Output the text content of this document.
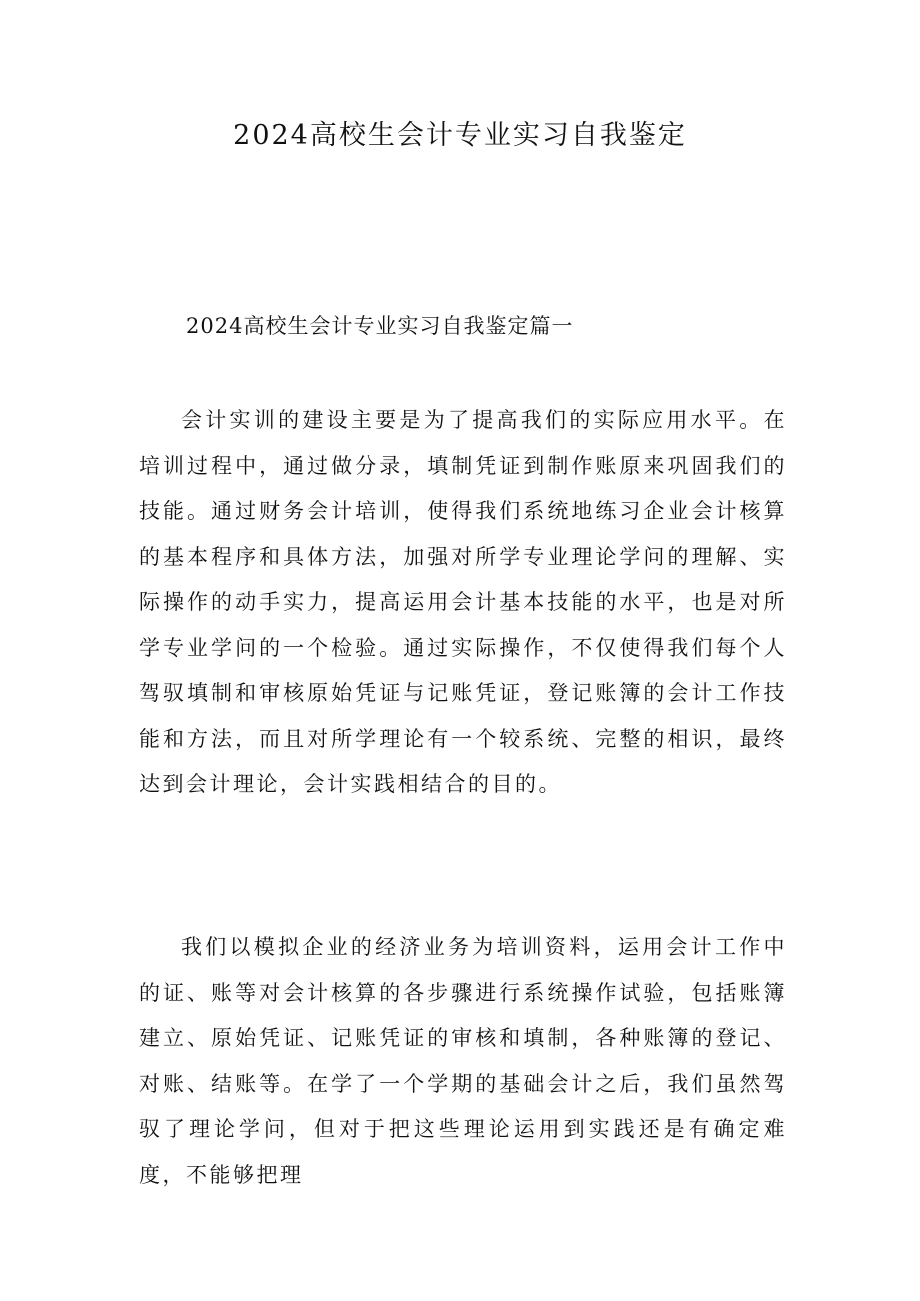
2024高校生会计专业实习自我鉴定
2024高校生会计专业实习自我鉴定篇一

会计实训的建设主要是为了提高我们的实际应用水平。在培训过程中，通过做分录，填制凭证到制作账原来巩固我们的技能。通过财务会计培训，使得我们系统地练习企业会计核算的基本程序和具体方法，加强对所学专业理论学问的理解、实际操作的动手实力，提高运用会计基本技能的水平，也是对所学专业学问的一个检验。通过实际操作，不仅使得我们每个人驾驭填制和审核原始凭证与记账凭证，登记账簿的会计工作技能和方法，而且对所学理论有一个较系统、完整的相识，最终达到会计理论，会计实践相结合的目的。

我们以模拟企业的经济业务为培训资料，运用会计工作中的证、账等对会计核算的各步骤进行系统操作试验，包括账簿建立、原始凭证、记账凭证的审核和填制，各种账簿的登记、对账、结账等。在学了一个学期的基础会计之后，我们虽然驾驭了理论学问，但对于把这些理论运用到实践还是有确定难度，不能够把理
